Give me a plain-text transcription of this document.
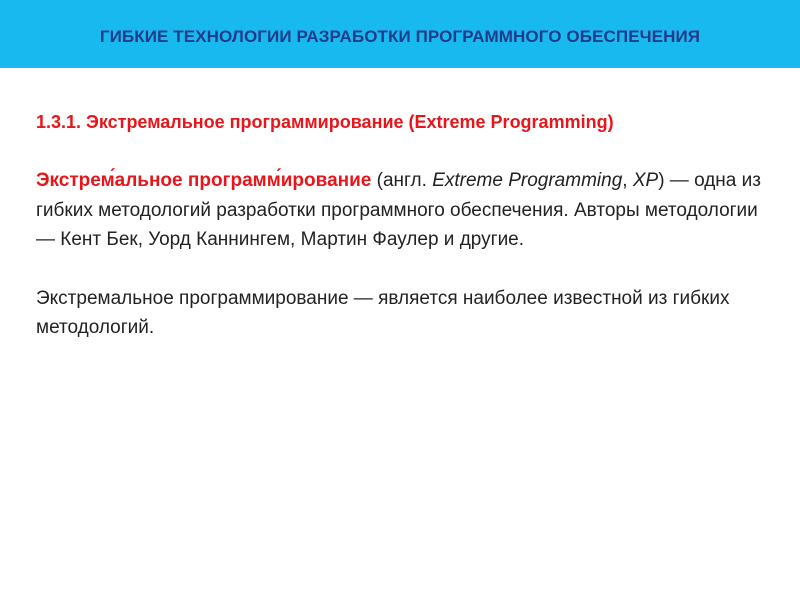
ГИБКИЕ ТЕХНОЛОГИИ РАЗРАБОТКИ ПРОГРАММНОГО ОБЕСПЕЧЕНИЯ

1.3.1. Экстремальное программирование (Extreme Programming)

Экстрем́альное программ́ирование (англ. Extreme Programming, XP) — одна из гибких методологий разработки программного обеспечения. Авторы методологии — Кент Бек, Уорд Каннингем, Мартин Фаулер и другие.

Экстремальное программирование — является наиболее известной из гибких методологий.
